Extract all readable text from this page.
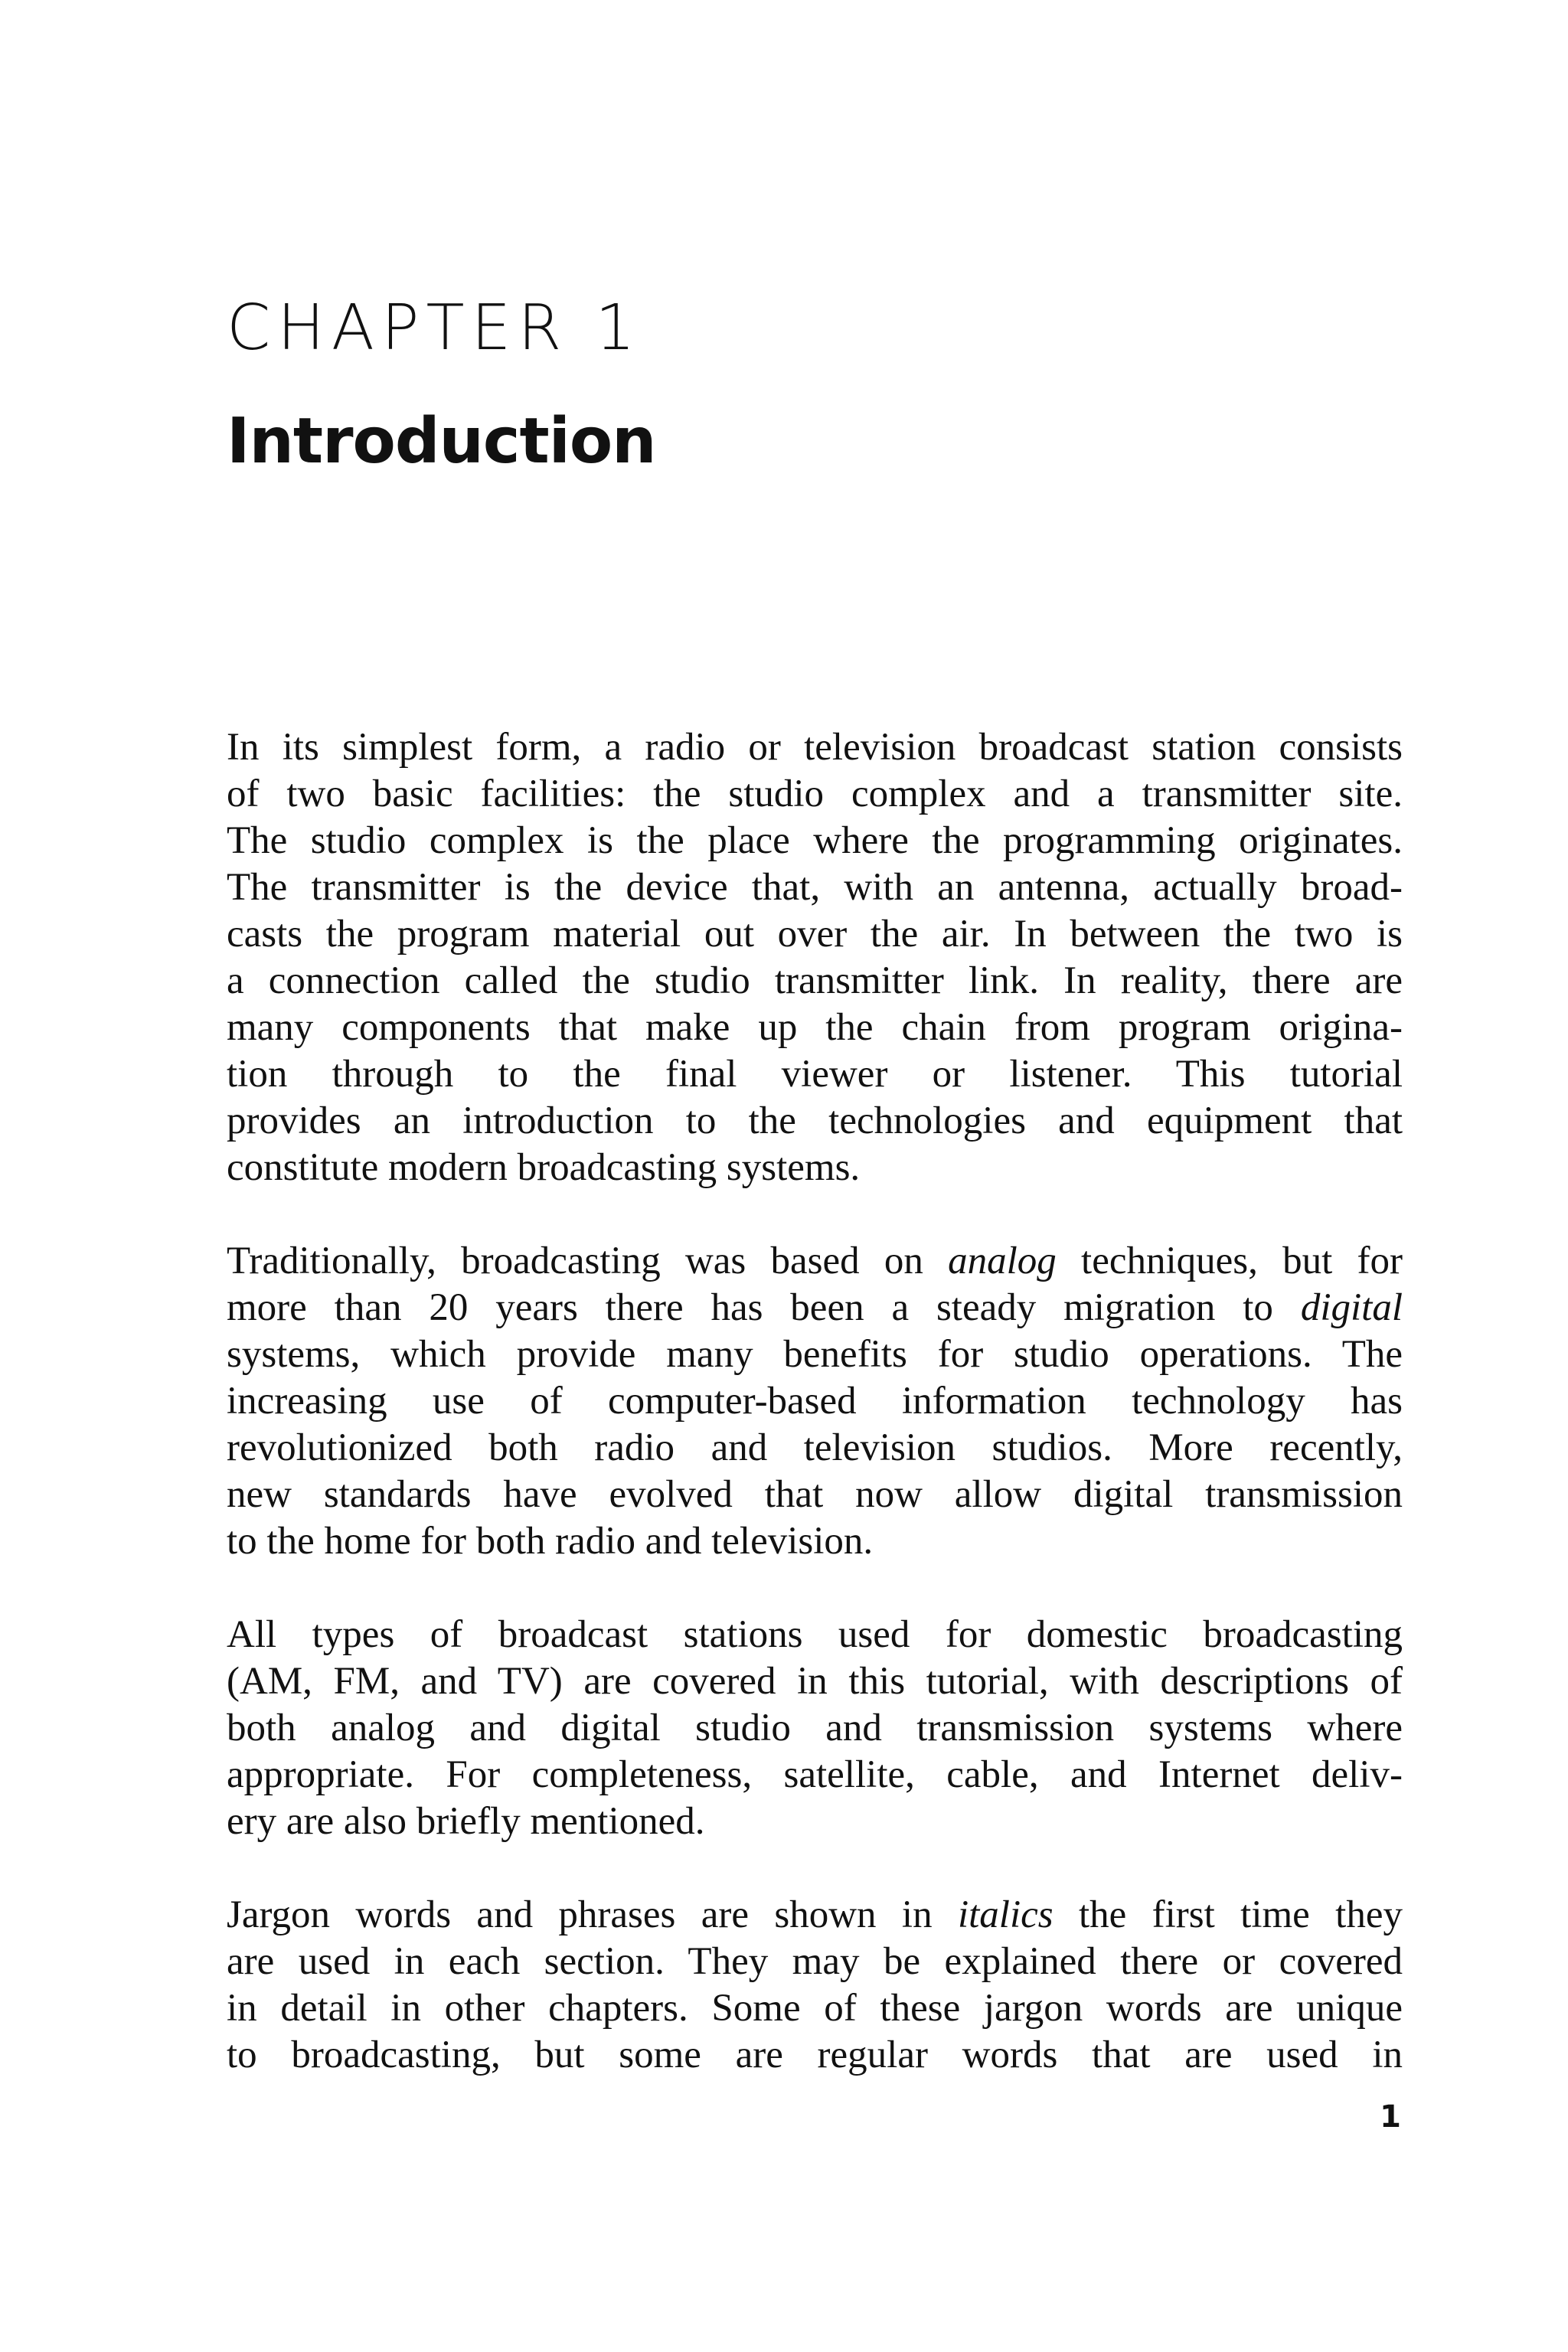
CHAPTER 1
Introduction

In its simplest form, a radio or television broadcast station consists
of two basic facilities: the studio complex and a transmitter site.
The studio complex is the place where the programming originates.
The transmitter is the device that, with an antenna, actually broad-
casts the program material out over the air. In between the two is
a connection called the studio transmitter link. In reality, there are
many components that make up the chain from program origina-
tion through to the final viewer or listener. This tutorial
provides an introduction to the technologies and equipment that
constitute modern broadcasting systems.

Traditionally, broadcasting was based on analog techniques, but for
more than 20 years there has been a steady migration to digital
systems, which provide many benefits for studio operations. The
increasing use of computer-based information technology has
revolutionized both radio and television studios. More recently,
new standards have evolved that now allow digital transmission
to the home for both radio and television.

All types of broadcast stations used for domestic broadcasting
(AM, FM, and TV) are covered in this tutorial, with descriptions of
both analog and digital studio and transmission systems where
appropriate. For completeness, satellite, cable, and Internet deliv-
ery are also briefly mentioned.

Jargon words and phrases are shown in italics the first time they
are used in each section. They may be explained there or covered
in detail in other chapters. Some of these jargon words are unique
to broadcasting, but some are regular words that are used in

1
